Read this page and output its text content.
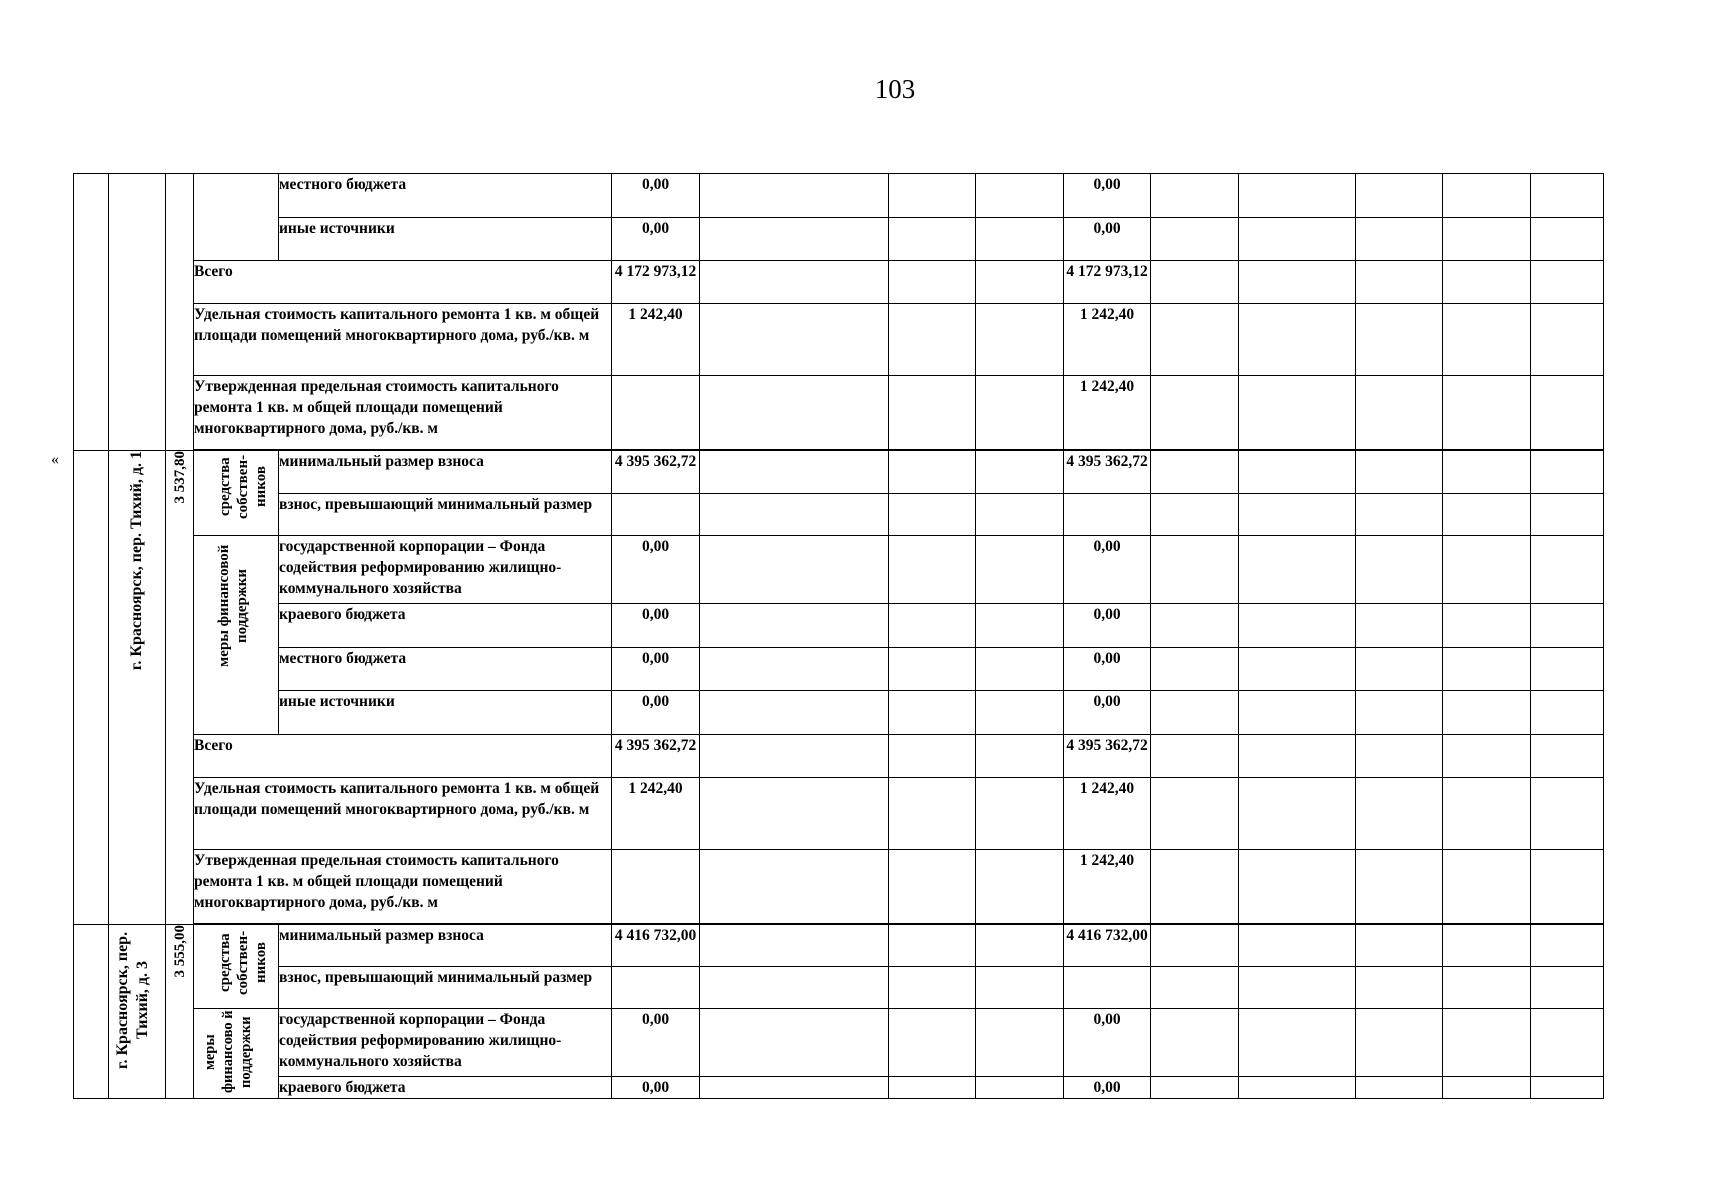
103
«
				местного бюджета	0,00				0,00					
				иные источники	0,00				0,00					
			Всего		4 172 973,12				4 172 973,12					
			Удельная стоимость капитального ремонта 1 кв. м общей площади помещений многоквартирного дома, руб./кв. м		1 242,40				1 242,40					
			Утвержденная предельная стоимость капитального ремонта 1 кв. м общей площади помещений многоквартирного дома, руб./кв. м						1 242,40					

	г. Красноярск, пер. Тихий, д. 1	3 537,80	средства собствен-ников	минимальный размер взноса	4 395 362,72				4 395 362,72					
				взнос, превышающий минимальный размер										

			меры финансовой поддержки	государственной корпорации – Фонда содействия реформированию жилищно-коммунального хозяйства	0,00				0,00					
				краевого бюджета	0,00				0,00					
				местного бюджета	0,00				0,00					
				иные источники	0,00				0,00					
			Всего		4 395 362,72				4 395 362,72					
			Удельная стоимость капитального ремонта 1 кв. м общей площади помещений многоквартирного дома, руб./кв. м		1 242,40				1 242,40					
			Утвержденная предельная стоимость капитального ремонта 1 кв. м общей площади помещений многоквартирного дома, руб./кв. м						1 242,40					

	г. Красноярск, пер. Тихий, д. 3	3 555,00	средства собствен-ников	минимальный размер взноса	4 416 732,00				4 416 732,00					
				взнос, превышающий минимальный размер										

			меры финансово й поддержки	государственной корпорации – Фонда содействия реформированию жилищно-коммунального хозяйства	0,00				0,00					
				краевого бюджета	0,00				0,00					
